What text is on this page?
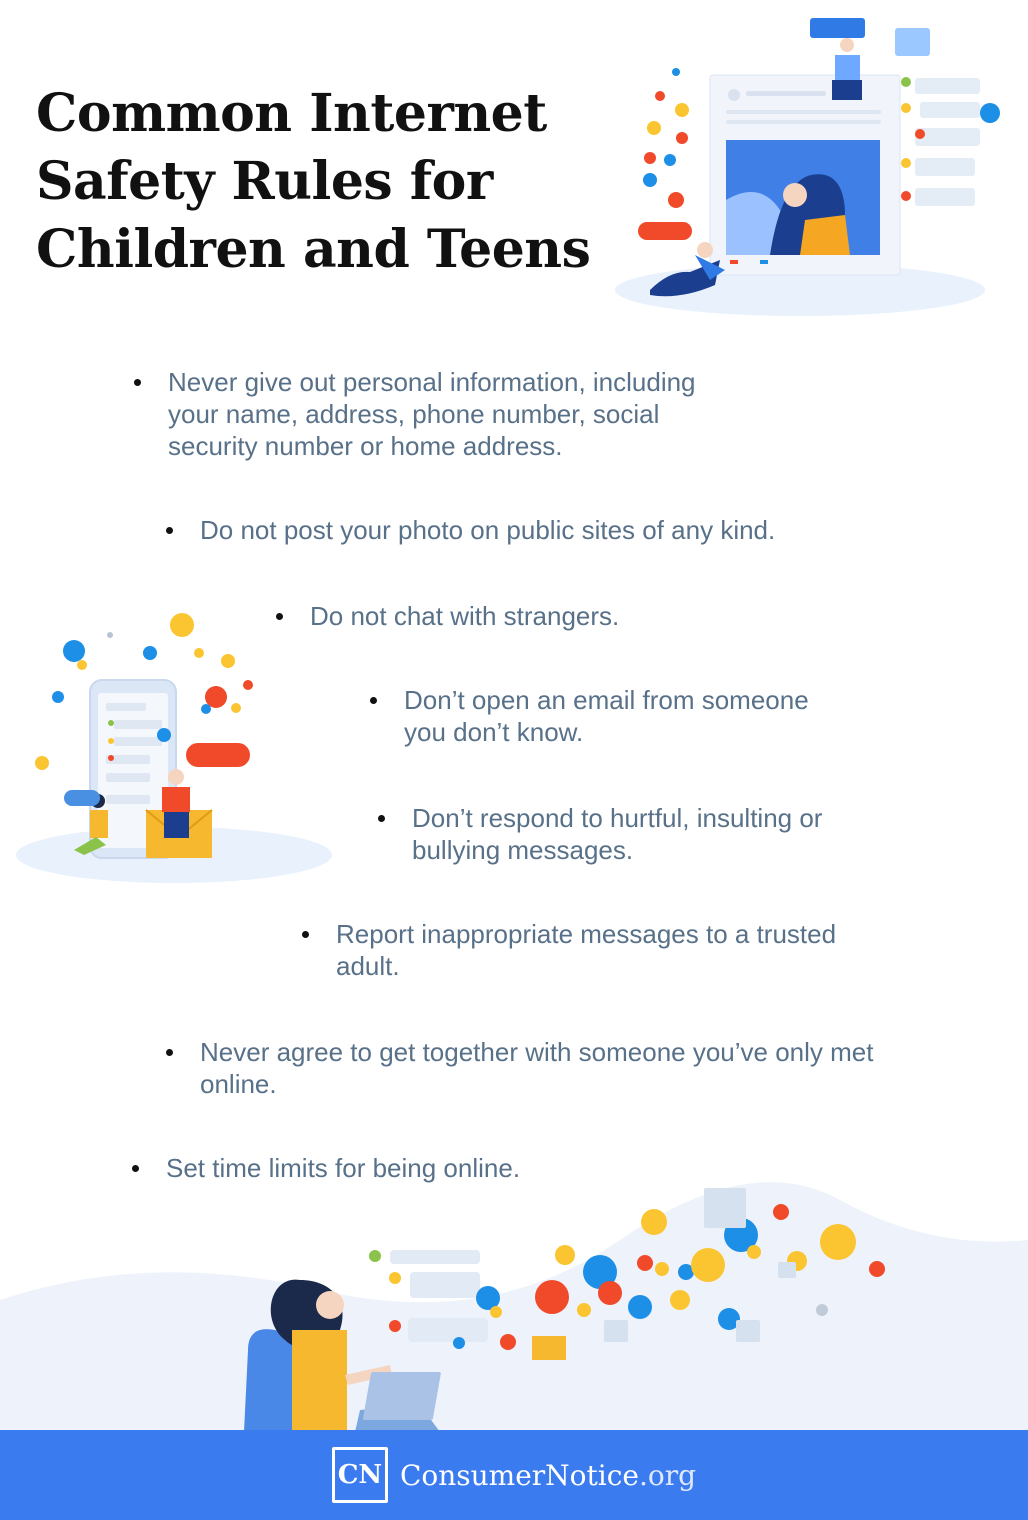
Common Internet
Safety Rules for
Children and Teens
Never give out personal information, including
your name, address, phone number, social
security number or home address.
Do not post your photo on public sites of any kind.
Do not chat with strangers.
Don’t open an email from someone
you don’t know.
Don’t respond to hurtful, insulting or
bullying messages.
Report inappropriate messages to a trusted
adult.
Never agree to get together with someone you’ve only met
online.
Set time limits for being online.
CN ConsumerNotice.org
